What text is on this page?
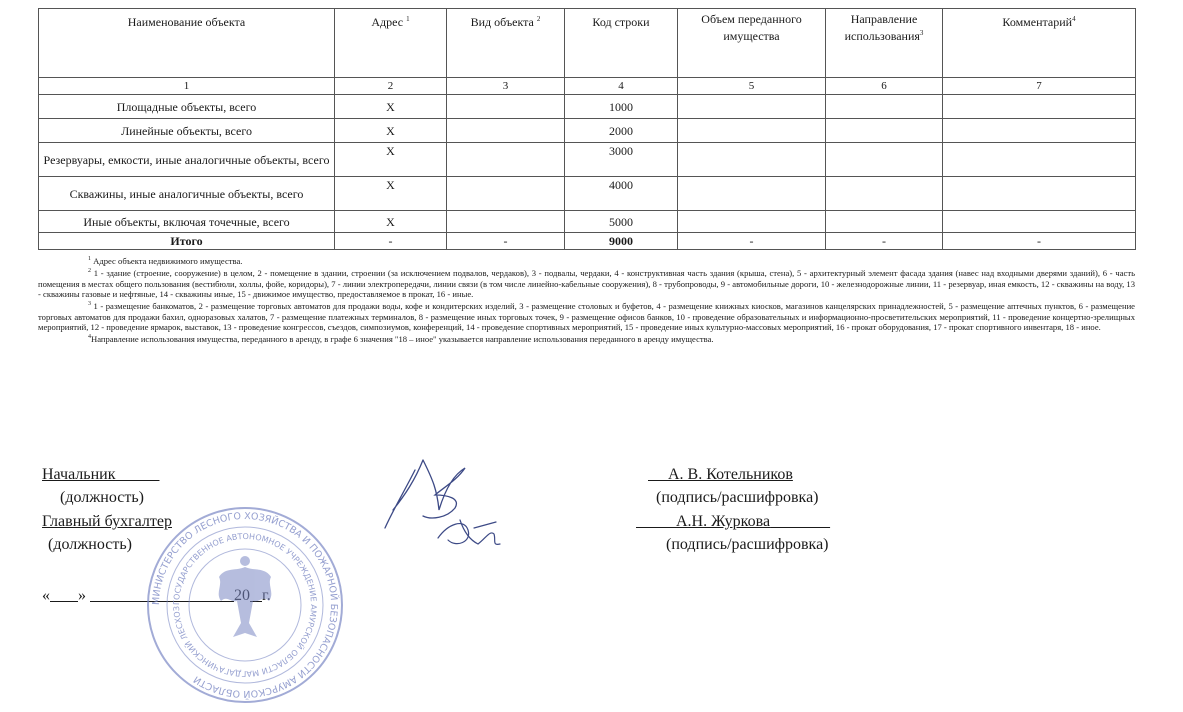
Наименование объекта	Адрес $^1$	Вид объекта $^2$	Код строки	Объем переданного имущества	Направление использования$^3$	Комментарий$^4$
1	2	3	4	5	6	7
Площадные объекты, всего	X		1000			
Линейные объекты, всего	X		2000			
Резервуары, емкости, иные аналогичные объекты, всего	X		3000			
Скважины, иные аналогичные объекты, всего	X		4000			
Иные объекты, включая точечные, всего	X		5000			
Итого	-	-	9000	-	-	-

$^1$ Адрес объекта недвижимого имущества.

$^2$ 1 - здание (строение, сооружение) в целом, 2 - помещение в здании, строении (за исключением подвалов, чердаков), 3 - подвалы, чердаки, 4 - конструктивная часть здания (крыша, стена), 5 - архитектурный элемент фасада здания (навес над входными дверями зданий), 6 - часть помещения в местах общего пользования (вестибюли, холлы, фойе, коридоры), 7 - линии электропередачи, линии связи (в том числе линейно-кабельные сооружения), 8 - трубопроводы, 9 - автомобильные дороги, 10 - железнодорожные линии, 11 - резервуар, иная емкость, 12 - скважины на воду, 13 - скважины газовые и нефтяные, 14 - скважины иные, 15 - движимое имущество, предоставляемое в прокат, 16 - иные.

$^3$ 1 - размещение банкоматов, 2 - размещение торговых автоматов для продажи воды, кофе и кондитерских изделий, 3 - размещение столовых и буфетов, 4 - размещение книжных киосков, магазинов канцелярских принадлежностей, 5 - размещение аптечных пунктов, 6 - размещение торговых автоматов для продажи бахил, одноразовых халатов, 7 - размещение платежных терминалов, 8 - размещение иных торговых точек, 9 - размещение офисов банков, 10 - проведение образовательных и информационно-просветительских мероприятий, 11 - проведение концертно-зрелищных мероприятий, 12 - проведение ярмарок, выставок, 13 - проведение конгрессов, съездов, симпозиумов, конференций, 14 - проведение спортивных мероприятий, 15 - проведение иных культурно-массовых мероприятий, 16 - прокат оборудования, 17 - прокат спортивного инвентаря, 18 - иное.

$^4$Направление использования имущества, переданного в аренду, в графе 6 значения "18 – иное" указывается направление использования переданного в аренду имущества.

Начальник
(должность)
Главный бухгалтер
(должность)
А. В. Котельников
(подпись/расшифровка)
А.Н. Журкова
(подпись/расшифровка)
« »	МИНИСТЕРСТВО ЛЕСНОГО ХОЗЯЙСТВА И ПОЖАРНОЙ БЕЗОПАСНОСТИ АМУРСКОЙ ОБЛАСТИ
ГОСУДАРСТВЕННОЕ АВТОНОМНОЕ УЧРЕЖДЕНИЕ АМУРСКОЙ ОБЛАСТИ МАГДАГАЧИНСКИЙ ЛЕСХОЗ
